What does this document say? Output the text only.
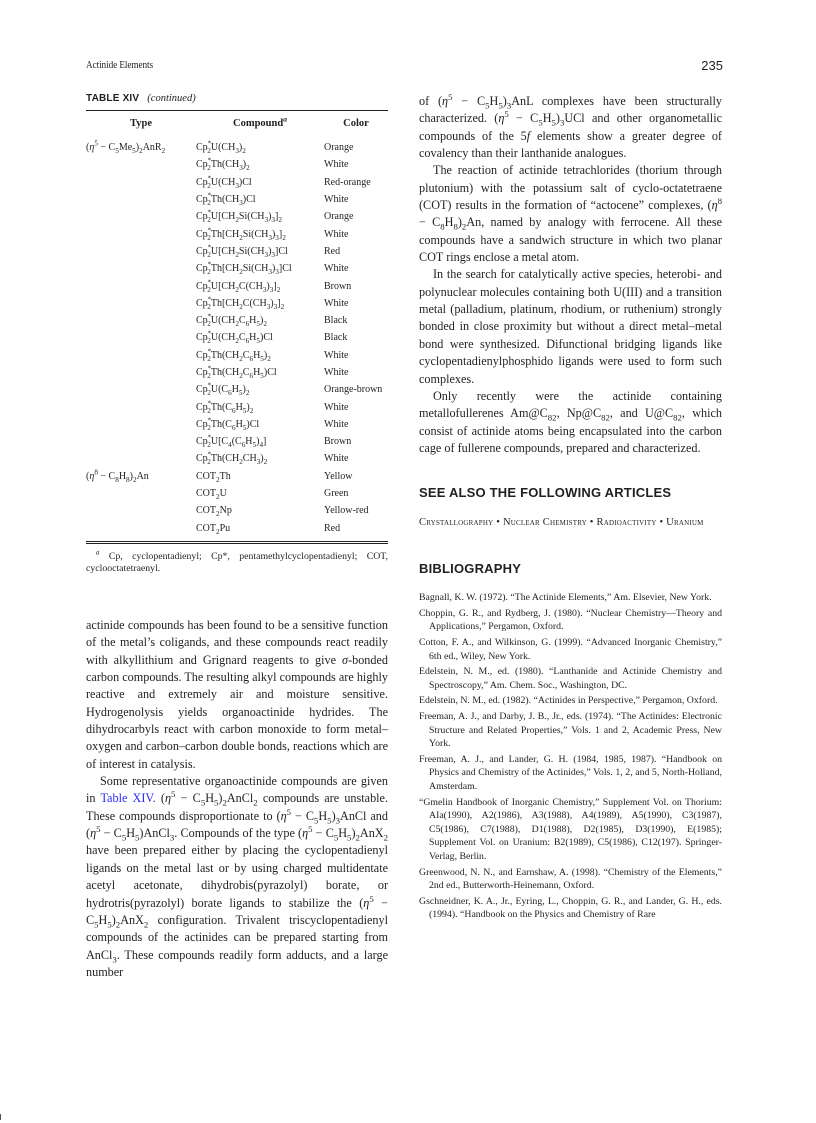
Actinide Elements	235
TABLE XIV (continued)
Type	Compound$^a$	Color
$(\eta^5 - C_5Me_5)_2AnR_2$	$Cp^*_2U(CH_3)_2$	Orange
	$Cp^*_2Th(CH_3)_2$	White
	$Cp^*_2U(CH_3)Cl$	Red-orange
	$Cp^*_2Th(CH_3)Cl$	White
	$Cp^*_2U[CH_2Si(CH_3)_3]_2$	Orange
	$Cp^*_2Th[CH_2Si(CH_3)_3]_2$	White
	$Cp^*_2U[CH_2Si(CH_3)_3]Cl$	Red
	$Cp^*_2Th[CH_2Si(CH_3)_3]Cl$	White
	$Cp^*_2U[CH_2C(CH_3)_3]_2$	Brown
	$Cp^*_2Th[CH_2C(CH_3)_3]_2$	White
	$Cp^*_2U(CH_2C_6H_5)_2$	Black
	$Cp^*_2U(CH_2C_6H_5)Cl$	Black
	$Cp^*_2Th(CH_2C_6H_5)_2$	White
	$Cp^*_2Th(CH_2C_6H_5)Cl$	White
	$Cp^*_2U(C_6H_5)_2$	Orange-brown
	$Cp^*_2Th(C_6H_5)_2$	White
	$Cp^*_2Th(C_6H_5)Cl$	White
	$Cp^*_2U[C_4(C_6H_5)_4]$	Brown
	$Cp^*_2Th(CH_2CH_3)_2$	White
$(\eta^8 - C_8H_8)_2An$	$COT_2Th$	Yellow
	$COT_2U$	Green
	$COT_2Np$	Yellow-red
	$COT_2Pu$	Red
$^a$ Cp, cyclopentadienyl; Cp*, pentamethylcyclopentadienyl; COT, cyclooctatetraenyl.

actinide compounds has been found to be a sensitive function of the metal’s coligands, and these compounds react readily with alkyllithium and Grignard reagents to give σ-bonded carbon compounds. The resulting alkyl compounds are highly reactive and extremely air and moisture sensitive. Hydrogenolysis yields organoactinide hydrides. The dihydrocarbyls react with carbon monoxide to form metal–oxygen and carbon–carbon double bonds, reactions which are of interest in catalysis.

Some representative organoactinide compounds are given in Table XIV. ($\eta^5$ − $C_5H_5)_2AnCl_2$ compounds are unstable. These compounds disproportionate to ($\eta^5$ − $C_5H_5)_3AnCl$ and ($\eta^5$ − $C_5H_5)AnCl_3$. Compounds of the type $(\eta^5 - C_5H_5)_2AnX_2$ have been prepared either by placing the cyclopentadienyl ligands on the metal last or by using charged multidentate acetyl acetonate, dihydrobis(pyrazolyl) borate, or hydrotris(pyrazolyl) borate ligands to stabilize the $(\eta^5 - C_5H_5)_2AnX_2$ configuration. Trivalent triscyclopentadienyl compounds of the actinides can be prepared starting from AnCl$_3$. These compounds readily form adducts, and a large number

of $(\eta^5 - C_5H_5)_3AnL$ complexes have been structurally characterized. $(\eta^5 - C_5H_5)_3UCl$ and other organometallic compounds of the 5f elements show a greater degree of covalency than their lanthanide analogues.

The reaction of actinide tetrachlorides (thorium through plutonium) with the potassium salt of cyclo-octatetraene (COT) results in the formation of “actocene” complexes, $(\eta^8 - C_8H_8)_2An$, named by analogy with ferrocene. All these compounds have a sandwich structure in which two planar COT rings enclose a metal atom.

In the search for catalytically active species, heterobi- and polynuclear molecules containing both U(III) and a transition metal (palladium, platinum, rhodium, or ruthenium) strongly bonded in close proximity but without a direct metal–metal bond were synthesized. Difunctional bridging ligands like cyclopentadienylphosphido ligands were used to form such complexes.

Only recently were the actinide containing metallofullerenes $Am@C_{82}$, $Np@C_{82}$, and $U@C_{82}$, which consist of actinide atoms being encapsulated into the carbon cage of fullerene compounds, prepared and characterized.

SEE ALSO THE FOLLOWING ARTICLES
Crystallography • Nuclear Chemistry • Radioactivity • Uranium
BIBLIOGRAPHY
Bagnall, K. W. (1972). “The Actinide Elements,” Am. Elsevier, New York.
Choppin, G. R., and Rydberg, J. (1980). “Nuclear Chemistry—Theory and Applications,” Pergamon, Oxford.
Cotton, F. A., and Wilkinson, G. (1999). “Advanced Inorganic Chemistry,” 6th ed., Wiley, New York.
Edelstein, N. M., ed. (1980). “Lanthanide and Actinide Chemistry and Spectroscopy,” Am. Chem. Soc., Washington, DC.
Edelstein, N. M., ed. (1982). “Actinides in Perspective,” Pergamon, Oxford.
Freeman, A. J., and Darby, J. B., Jr., eds. (1974). “The Actinides: Electronic Structure and Related Properties,” Vols. 1 and 2, Academic Press, New York.
Freeman, A. J., and Lander, G. H. (1984, 1985, 1987). “Handbook on Physics and Chemistry of the Actinides,” Vols. 1, 2, and 5, North-Holland, Amsterdam.
“Gmelin Handbook of Inorganic Chemistry,” Supplement Vol. on Thorium: AIa(1990), A2(1986), A3(1988), A4(1989), A5(1990), C3(1987), C5(1986), C7(1988), D1(1988), D2(1985), D3(1990), E(1985); Supplement Vol. on Uranium: B2(1989), C5(1986), C12(197). Springer-Verlag, Berlin.
Greenwood, N. N., and Earnshaw, A. (1998). “Chemistry of the Elements,” 2nd ed., Butterworth-Heinemann, Oxford.
Gschneidner, K. A., Jr., Eyring, L., Choppin, G. R., and Lander, G. H., eds. (1994). “Handbook on the Physics and Chemistry of Rare
